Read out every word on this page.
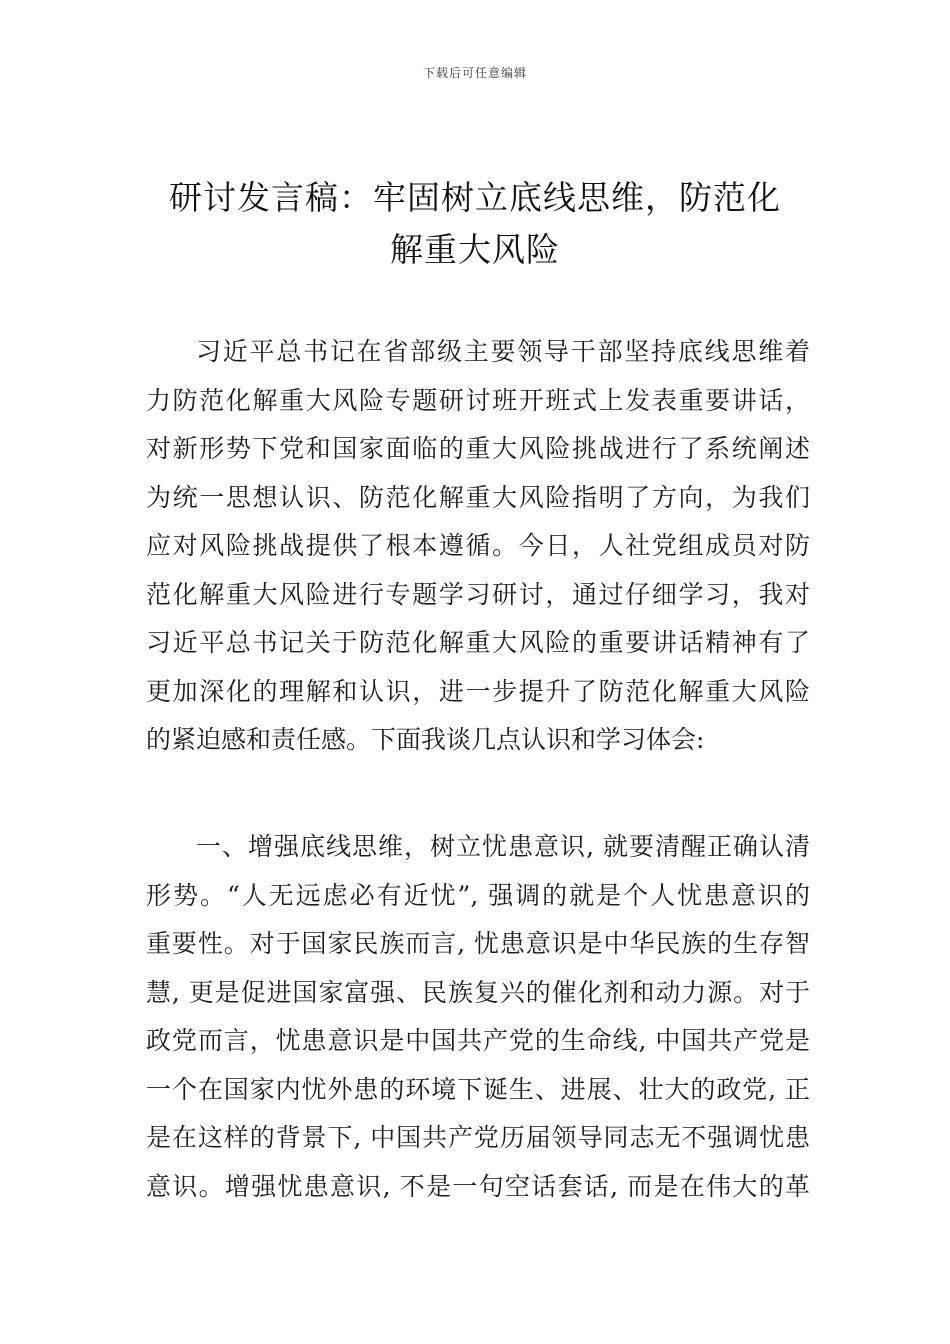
下载后可任意编辑
研讨发言稿：牢固树立底线思维，防范化
解重大风险
习近平总书记在省部级主要领导干部坚持底线思维着
力防范化解重大风险专题研讨班开班式上发表重要讲话，
对新形势下党和国家面临的重大风险挑战进行了系统阐述
为统一思想认识、防范化解重大风险指明了方向，为我们
应对风险挑战提供了根本遵循。今日，人社党组成员对防
范化解重大风险进行专题学习研讨，通过仔细学习，我对
习近平总书记关于防范化解重大风险的重要讲话精神有了
更加深化的理解和认识，进一步提升了防范化解重大风险
的紧迫感和责任感。下面我谈几点认识和学习体会:
一、增强底线思维，树立忧患意识, 就要清醒正确认清
形势。“人无远虑必有近忧”, 强调的就是个人忧患意识的
重要性。对于国家民族而言, 忧患意识是中华民族的生存智
慧, 更是促进国家富强、民族复兴的催化剂和动力源。对于
政党而言，忧患意识是中国共产党的生命线, 中国共产党是
一个在国家内忧外患的环境下诞生、进展、壮大的政党, 正
是在这样的背景下, 中国共产党历届领导同志无不强调忧患
意识。增强忧患意识, 不是一句空话套话, 而是在伟大的革
